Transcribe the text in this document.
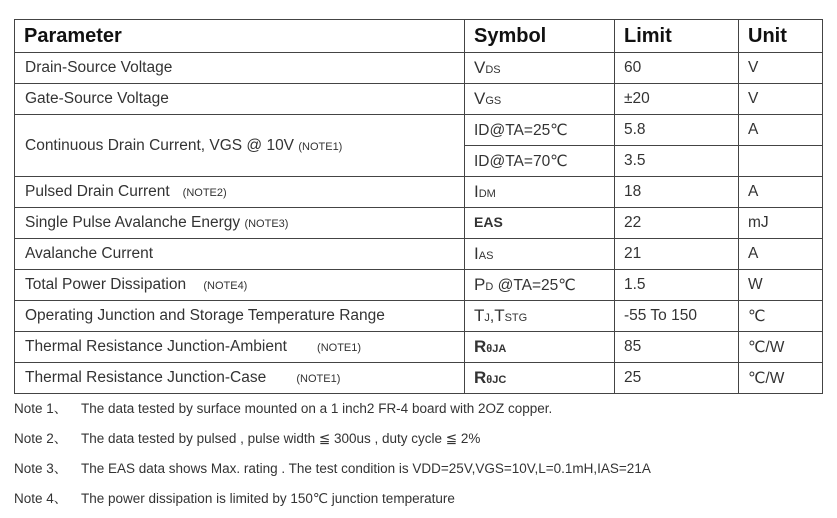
Parameter	Symbol	Limit	Unit
Drain-Source Voltage	VDS	60	V
Gate-Source Voltage	VGS	±20	V
Continuous Drain Current, VGS @ 10V (NOTE1)	ID@TA=25℃	5.8	A
	ID@TA=70℃	3.5	
Pulsed Drain Current (NOTE2)	IDM	18	A
Single Pulse Avalanche Energy (NOTE3)	EAS	22	mJ
Avalanche Current	IAS	21	A
Total Power Dissipation (NOTE4)	PD @TA=25℃	1.5	W
Operating Junction and Storage Temperature Range	TJ,TSTG	-55 To 150	℃
Thermal Resistance Junction-Ambient (NOTE1)	RθJA	85	℃/W
Thermal Resistance Junction-Case (NOTE1)	RθJC	25	℃/W
Note 1、 The data tested by surface mounted on a 1 inch2 FR-4 board with 2OZ copper.
Note 2、 The data tested by pulsed , pulse width ≦ 300us , duty cycle ≦ 2%
Note 3、 The EAS data shows Max. rating . The test condition is VDD=25V,VGS=10V,L=0.1mH,IAS=21A
Note 4、 The power dissipation is limited by 150℃ junction temperature
